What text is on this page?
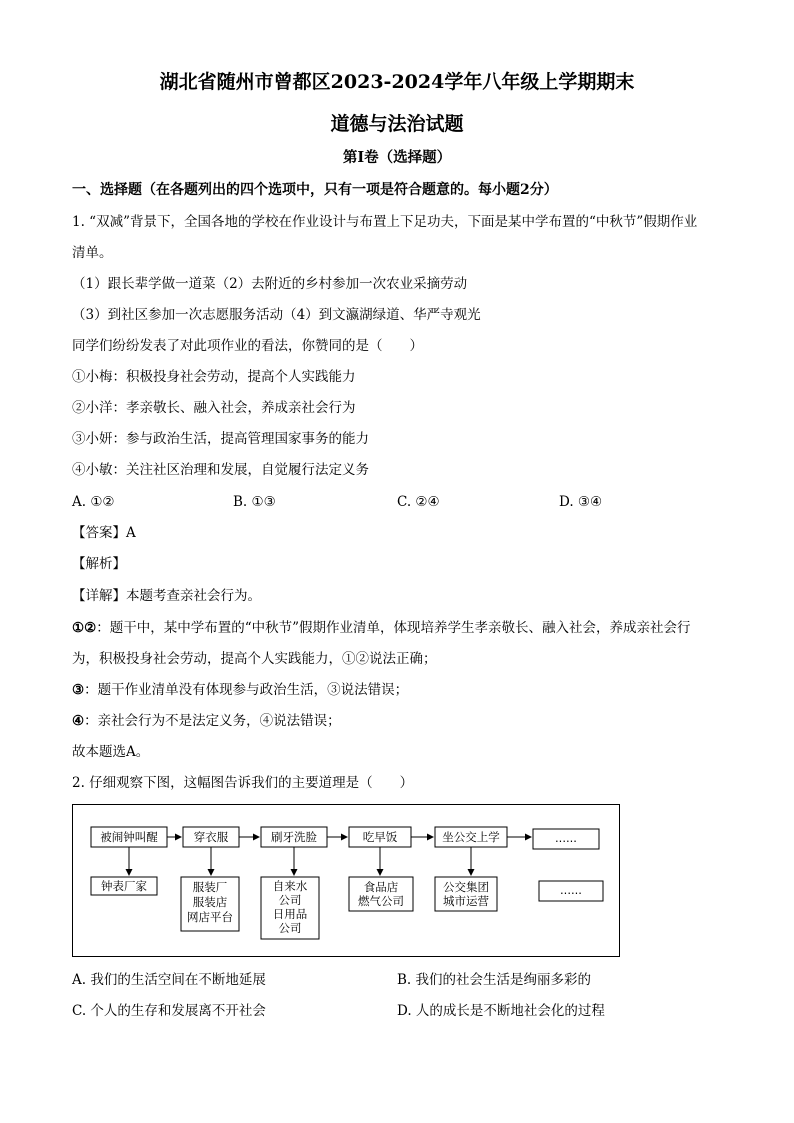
湖北省随州市曾都区2023-2024学年八年级上学期期末
道德与法治试题
第Ⅰ卷（选择题）
一、选择题（在各题列出的四个选项中，只有一项是符合题意的。每小题2分）
1. “双减”背景下，全国各地的学校在作业设计与布置上下足功夫，下面是某中学布置的“中秋节”假期作业
清单。
（1）跟长辈学做一道菜（2）去附近的乡村参加一次农业采摘劳动
（3）到社区参加一次志愿服务活动（4）到文瀛湖绿道、华严寺观光
同学们纷纷发表了对此项作业的看法，你赞同的是（　　）
①小梅：积极投身社会劳动，提高个人实践能力
②小洋：孝亲敬长、融入社会，养成亲社会行为
③小妍：参与政治生活，提高管理国家事务的能力
④小敏：关注社区治理和发展，自觉履行法定义务
A. ①②	B. ①③	C. ②④	D. ③④
【答案】A
【解析】
【详解】本题考查亲社会行为。
①②：题干中，某中学布置的“中秋节”假期作业清单，体现培养学生孝亲敬长、融入社会，养成亲社会行
为，积极投身社会劳动，提高个人实践能力，①②说法正确；
③：题干作业清单没有体现参与政治生活，③说法错误；
④：亲社会行为不是法定义务，④说法错误；
故本题选A。
2. 仔细观察下图，这幅图告诉我们的主要道理是（　　）
被闹钟叫醒	穿衣服	刷牙洗脸	吃早饭	坐公交上学	......
钟表厂家	服装厂
服装店
网店平台
自来水
公司
日用品
公司
食品店
燃气公司
公交集团
城市运营
......
A. 我们的生活空间在不断地延展	B. 我们的社会生活是绚丽多彩的
C. 个人的生存和发展离不开社会	D. 人的成长是不断地社会化的过程
